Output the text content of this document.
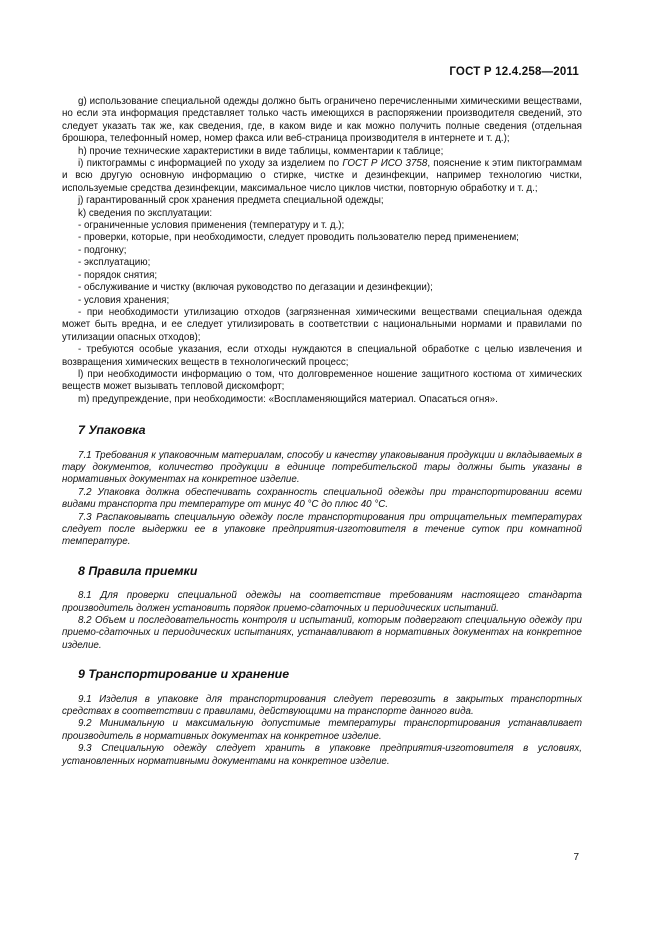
ГОСТ Р 12.4.258—2011

g) использование специальной одежды должно быть ограничено перечисленными химическими веществами, но если эта информация представляет только часть имеющихся в распоряжении производителя сведений, это следует указать так же, как сведения, где, в каком виде и как можно получить полные сведения (отдельная брошюра, телефонный номер, номер факса или веб-страница производителя в интернете и т. д.);

h) прочие технические характеристики в виде таблицы, комментарии к таблице;

i) пиктограммы с информацией по уходу за изделием по ГОСТ Р ИСО 3758, пояснение к этим пиктограммам и всю другую основную информацию о стирке, чистке и дезинфекции, например технологию чистки, используемые средства дезинфекции, максимальное число циклов чистки, повторную обработку и т. д.;

j) гарантированный срок хранения предмета специальной одежды;

k) сведения по эксплуатации:

- ограниченные условия применения (температуру и т. д.);

- проверки, которые, при необходимости, следует проводить пользователю перед применением;

- подгонку;

- эксплуатацию;

- порядок снятия;

- обслуживание и чистку (включая руководство по дегазации и дезинфекции);

- условия хранения;

- при необходимости утилизацию отходов (загрязненная химическими веществами специальная одежда может быть вредна, и ее следует утилизировать в соответствии с национальными нормами и правилами по утилизации опасных отходов);

- требуются особые указания, если отходы нуждаются в специальной обработке с целью извлечения и возвращения химических веществ в технологический процесс;

l) при необходимости информацию о том, что долговременное ношение защитного костюма от химических веществ может вызывать тепловой дискомфорт;

m) предупреждение, при необходимости: «Воспламеняющийся материал. Опасаться огня».

7 Упаковка

7.1 Требования к упаковочным материалам, способу и качеству упаковывания продукции и вкладываемых в тару документов, количество продукции в единице потребительской тары должны быть указаны в нормативных документах на конкретное изделие.

7.2 Упаковка должна обеспечивать сохранность специальной одежды при транспортировании всеми видами транспорта при температуре от минус 40 °С до плюс 40 °С.

7.3 Распаковывать специальную одежду после транспортирования при отрицательных температурах следует после выдержки ее в упаковке предприятия-изготовителя в течение суток при комнатной температуре.

8 Правила приемки

8.1 Для проверки специальной одежды на соответствие требованиям настоящего стандарта производитель должен установить порядок приемо-сдаточных и периодических испытаний.

8.2 Объем и последовательность контроля и испытаний, которым подвергают специальную одежду при приемо-сдаточных и периодических испытаниях, устанавливают в нормативных документах на конкретное изделие.

9 Транспортирование и хранение

9.1 Изделия в упаковке для транспортирования следует перевозить в закрытых транспортных средствах в соответствии с правилами, действующими на транспорте данного вида.

9.2 Минимальную и максимальную допустимые температуры транспортирования устанавливает производитель в нормативных документах на конкретное изделие.

9.3 Специальную одежду следует хранить в упаковке предприятия-изготовителя в условиях, установленных нормативными документами на конкретное изделие.

7
